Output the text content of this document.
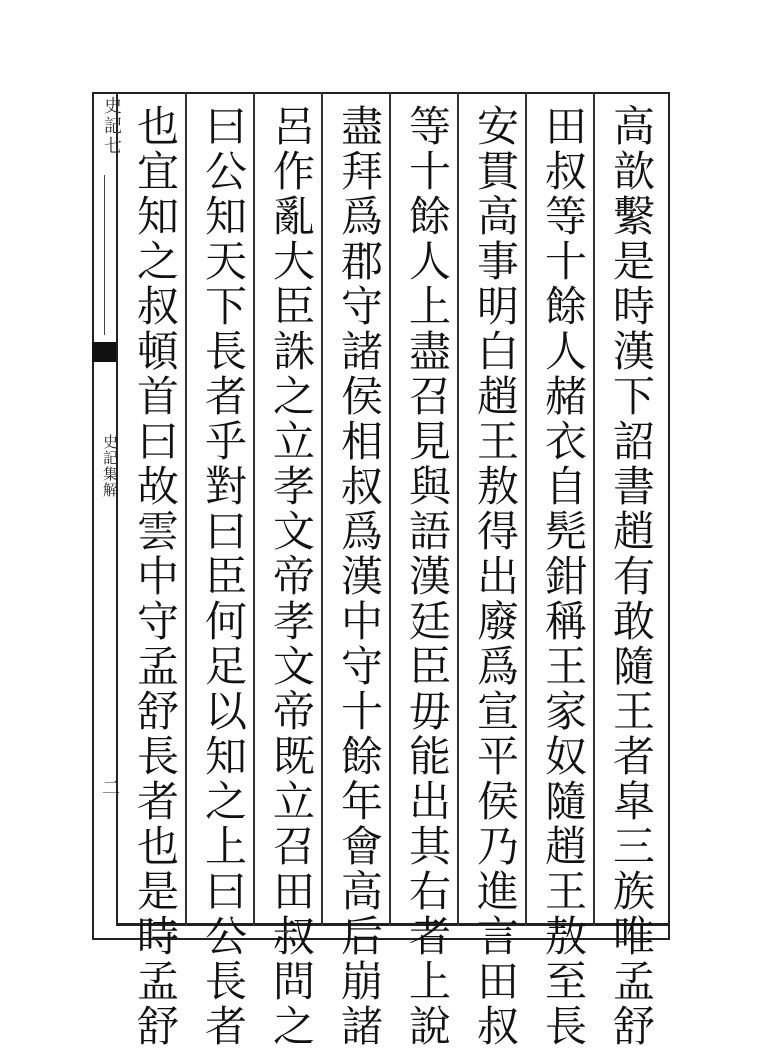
史記七
史記集解
二	高歆繫是時漢下詔書趙有敢隨王者皐三族唯孟舒
田叔等十餘人赭衣自髡鉗稱王家奴隨趙王敖至長
安貫高事明白趙王敖得出廢爲宣平侯乃進言田叔
等十餘人上盡召見與語漢廷臣毋能出其右者上說
盡拜爲郡守諸侯相叔爲漢中守十餘年會高后崩諸
呂作亂大臣誅之立孝文帝孝文帝既立召田叔問之
曰公知天下長者乎對曰臣何足以知之上曰公長者
也宜知之叔頓首曰故雲中守孟舒長者也是時孟舒
